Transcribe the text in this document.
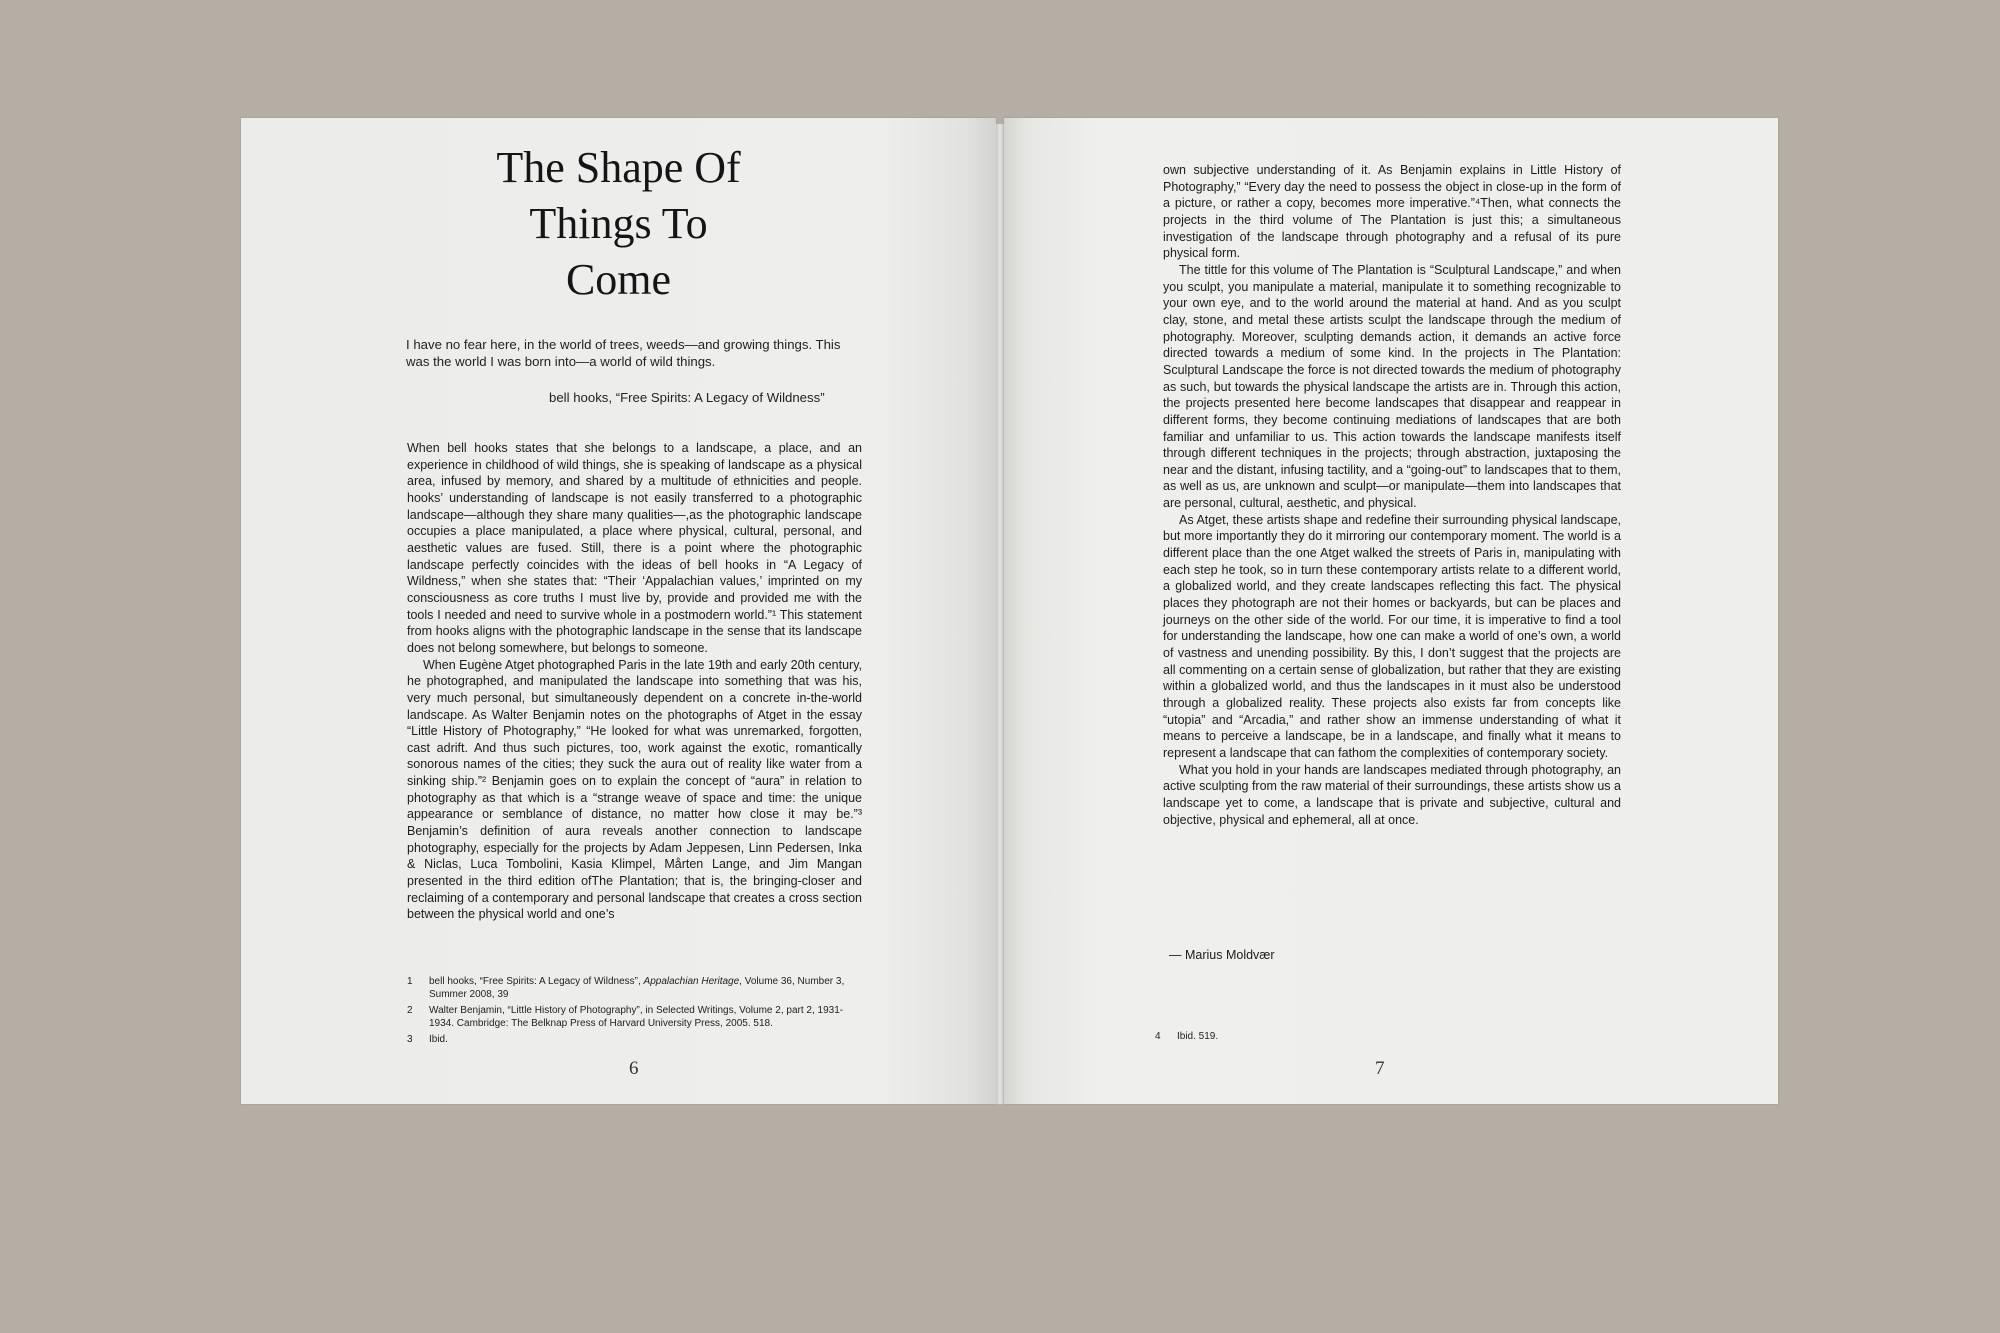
The Shape Of
Things To
Come
I have no fear here, in the world of trees, weeds—and growing things. This was the world I was born into—a world of wild things.
bell hooks, “Free Spirits: A Legacy of Wildness”

When bell hooks states that she belongs to a landscape, a place, and an experience in childhood of wild things, she is speaking of landscape as a physical area, infused by memory, and shared by a multitude of ethnicities and people. hooks’ understanding of landscape is not easily transferred to a photographic landscape—although they share many qualities—,as the photographic landscape occupies a place manipulated, a place where physical, cultural, personal, and aesthetic values are fused. Still, there is a point where the photographic landscape perfectly coincides with the ideas of bell hooks in “A Legacy of Wildness,” when she states that: “Their ‘Appalachian values,’ imprinted on my consciousness as core truths I must live by, provide and provided me with the tools I needed and need to survive whole in a postmodern world.”¹ This statement from hooks aligns with the photographic landscape in the sense that its landscape does not belong somewhere, but belongs to someone.

When Eugène Atget photographed Paris in the late 19th and early 20th century, he photographed, and manipulated the landscape into something that was his, very much personal, but simultaneously dependent on a concrete in-the-world landscape. As Walter Benjamin notes on the photographs of Atget in the essay “Little History of Photography,” “He looked for what was unremarked, forgotten, cast adrift. And thus such pictures, too, work against the exotic, romantically sonorous names of the cities; they suck the aura out of reality like water from a sinking ship.”² Benjamin goes on to explain the concept of “aura” in relation to photography as that which is a “strange weave of space and time: the unique appearance or semblance of distance, no matter how close it may be.”³ Benjamin’s definition of aura reveals another connection to landscape photography, especially for the projects by Adam Jeppesen, Linn Pedersen, Inka & Niclas, Luca Tombolini, Kasia Klimpel, Mårten Lange, and Jim Mangan presented in the third edition ofThe Plantation; that is, the bringing-closer and reclaiming of a contemporary and personal landscape that creates a cross section between the physical world and one’s

1	bell hooks, “Free Spirits: A Legacy of Wildness”, Appalachian Heritage, Volume 36, Number 3, Summer 2008, 39
2	Walter Benjamin, “Little History of Photography”, in Selected Writings, Volume 2, part 2, 1931-1934. Cambridge: The Belknap Press of Harvard University Press, 2005. 518.
3	Ibid.
6

own subjective understanding of it. As Benjamin explains in Little History of Photography,” “Every day the need to possess the object in close-up in the form of a picture, or rather a copy, becomes more imperative.”⁴Then, what connects the projects in the third volume of The Plantation is just this; a simultaneous investigation of the landscape through photography and a refusal of its pure physical form.

The tittle for this volume of The Plantation is “Sculptural Landscape,” and when you sculpt, you manipulate a material, manipulate it to something recognizable to your own eye, and to the world around the material at hand. And as you sculpt clay, stone, and metal these artists sculpt the landscape through the medium of photography. Moreover, sculpting demands action, it demands an active force directed towards a medium of some kind. In the projects in The Plantation: Sculptural Landscape the force is not directed towards the medium of photography as such, but towards the physical landscape the artists are in. Through this action, the projects presented here become landscapes that disappear and reappear in different forms, they become continuing mediations of landscapes that are both familiar and unfamiliar to us. This action towards the landscape manifests itself through different techniques in the projects; through abstraction, juxtaposing the near and the distant, infusing tactility, and a “going-out” to landscapes that to them, as well as us, are unknown and sculpt—or manipulate—them into landscapes that are personal, cultural, aesthetic, and physical.

As Atget, these artists shape and redefine their surrounding physical landscape, but more importantly they do it mirroring our contemporary moment. The world is a different place than the one Atget walked the streets of Paris in, manipulating with each step he took, so in turn these contemporary artists relate to a different world, a globalized world, and they create landscapes reflecting this fact. The physical places they photograph are not their homes or backyards, but can be places and journeys on the other side of the world. For our time, it is imperative to find a tool for understanding the landscape, how one can make a world of one’s own, a world of vastness and unending possibility. By this, I don’t suggest that the projects are all commenting on a certain sense of globalization, but rather that they are existing within a globalized world, and thus the landscapes in it must also be understood through a globalized reality. These projects also exists far from concepts like “utopia” and “Arcadia,” and rather show an immense understanding of what it means to perceive a landscape, be in a landscape, and finally what it means to represent a landscape that can fathom the complexities of contemporary society.

What you hold in your hands are landscapes mediated through photography, an active sculpting from the raw material of their surroundings, these artists show us a landscape yet to come, a landscape that is private and subjective, cultural and objective, physical and ephemeral, all at once.

— Marius Moldvær
4	Ibid. 519.
7
